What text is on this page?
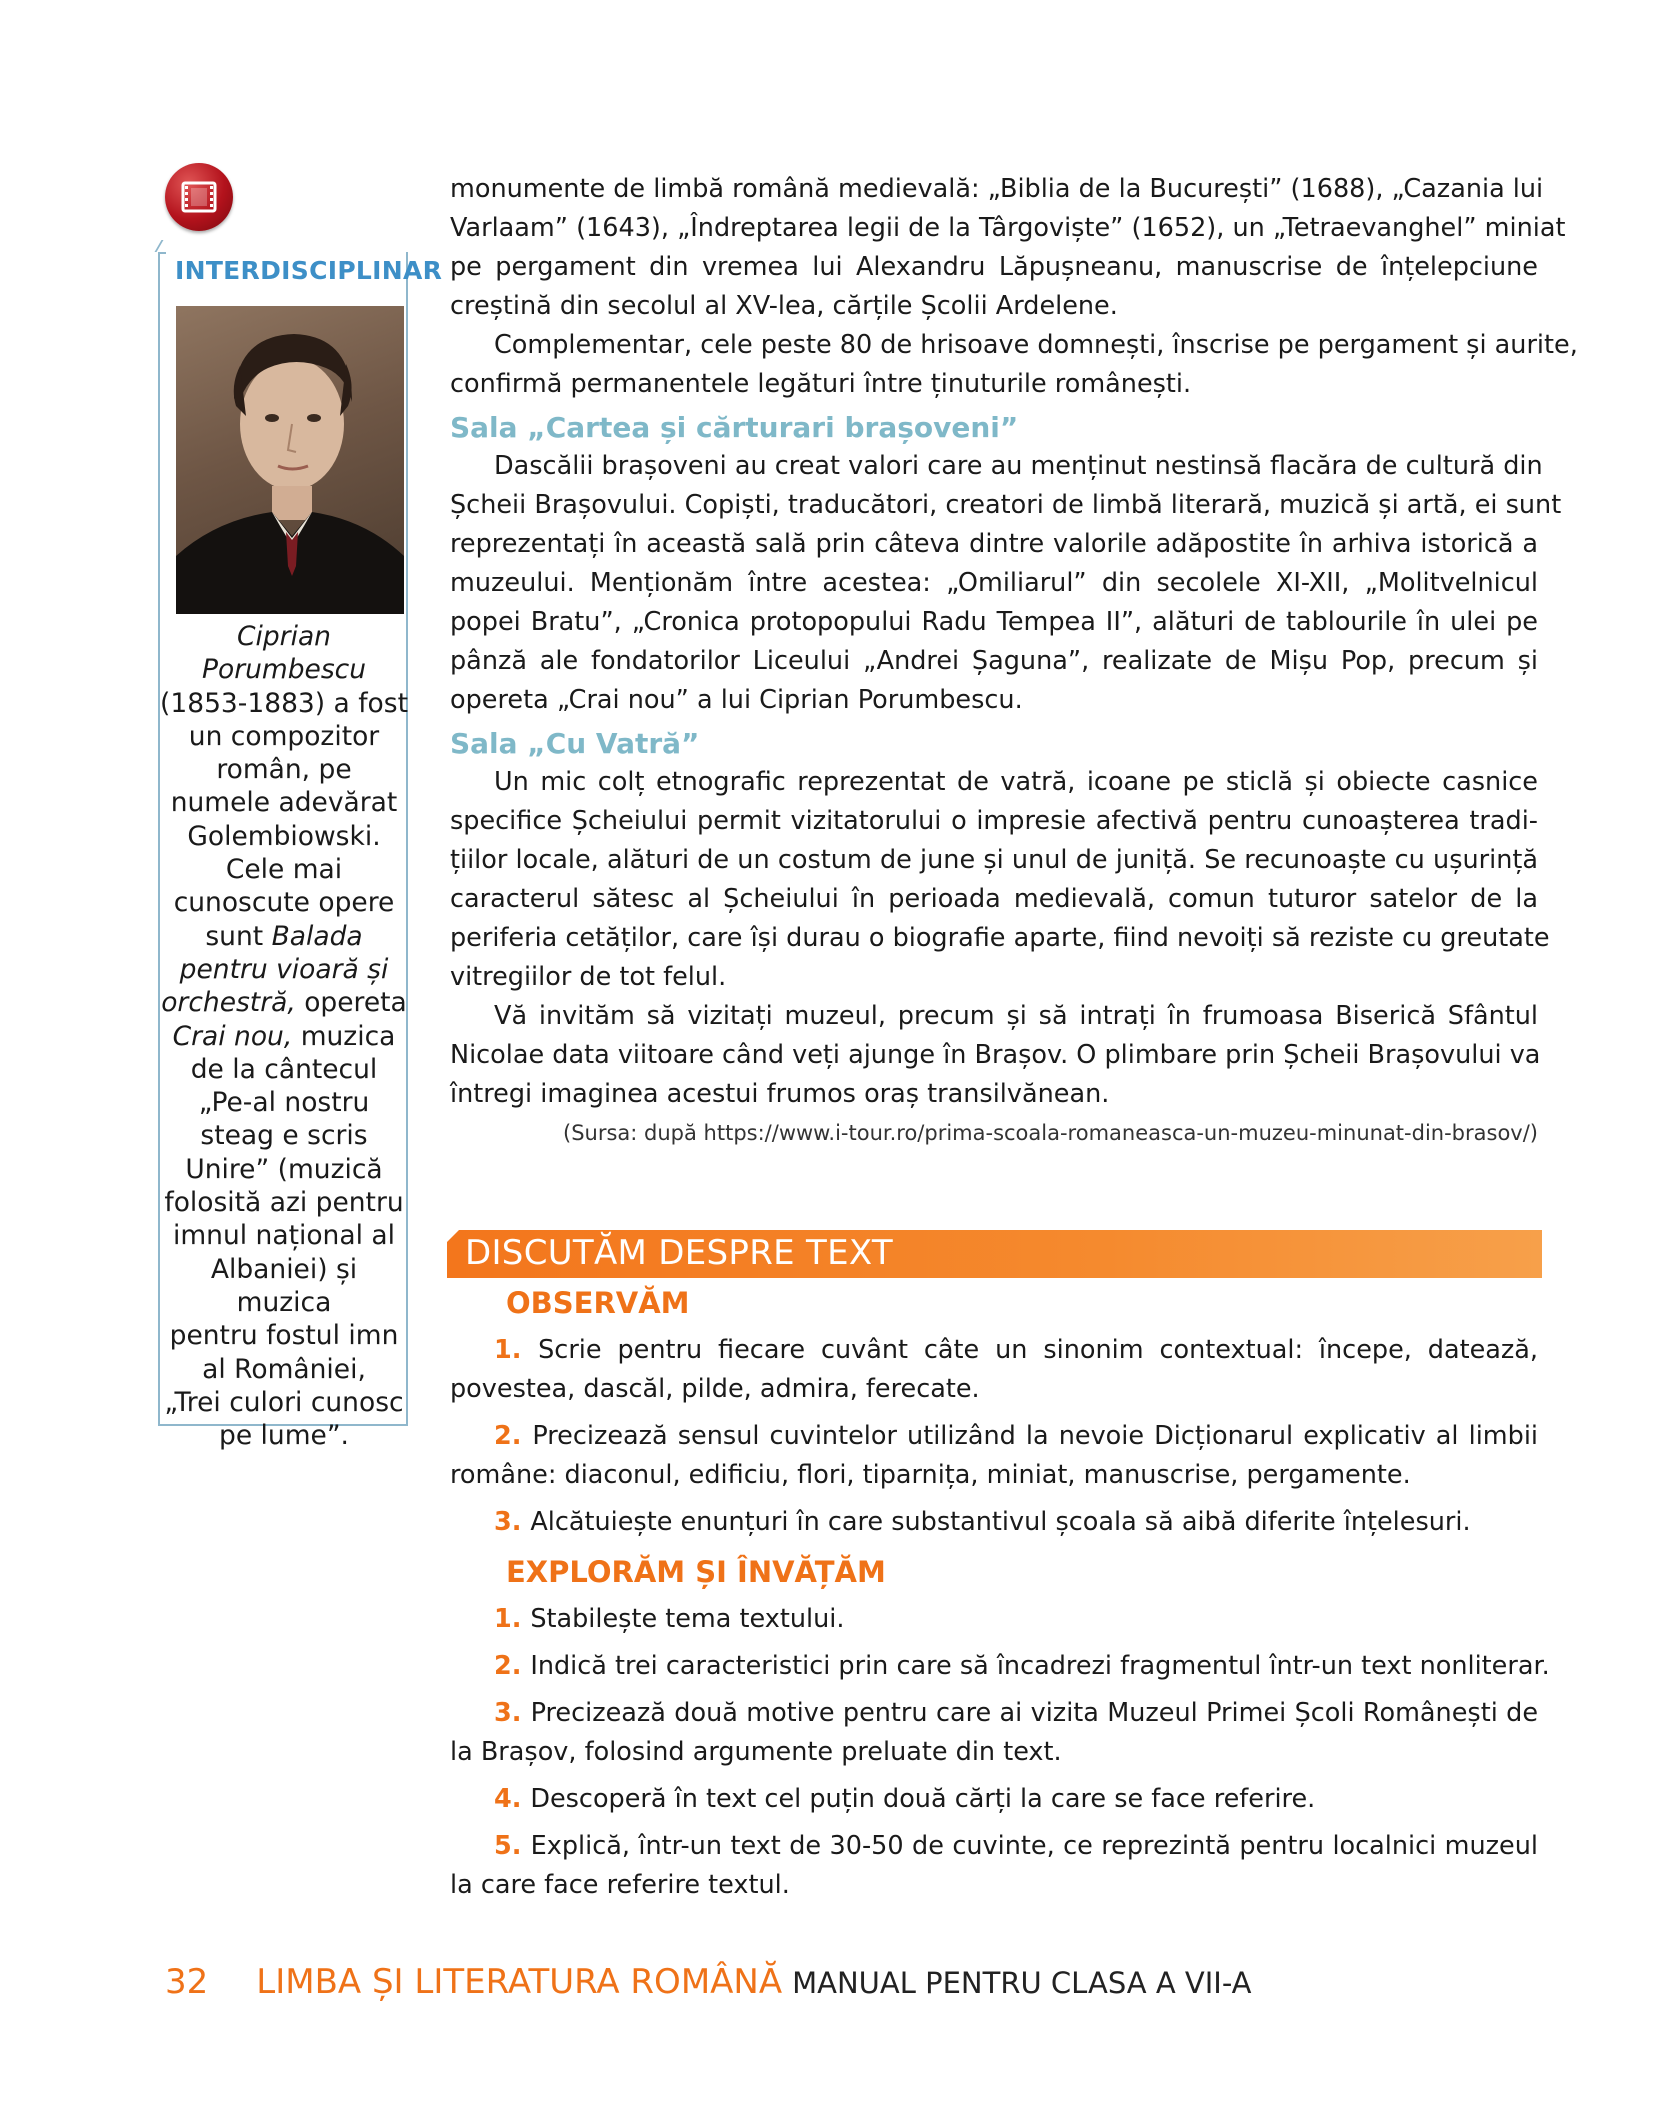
INTERDISCIPLINAR
Ciprian
Porumbescu
(1853-1883) a fost
un compozitor
român, pe
numele adevărat
Golembiowski.
Cele mai
cunoscute opere
sunt Balada
pentru vioară și
orchestră, opereta
Crai nou, muzica
de la cântecul
„Pe-al nostru
steag e scris
Unire” (muzică
folosită azi pentru
imnul național al
Albaniei) și muzica
pentru fostul imn
al României,
„Trei culori cunosc
pe lume”.
monumente de limbă română medievală: „Biblia de la București” (1688), „Cazania lui
Varlaam” (1643), „Îndreptarea legii de la Târgoviște” (1652), un „Tetraevanghel” miniat
pe pergament din vremea lui Alexandru Lăpușneanu, manuscrise de înțelepciune
creștină din secolul al XV-lea, cărțile Școlii Ardelene.
Complementar, cele peste 80 de hrisoave domnești, înscrise pe pergament și aurite,
confirmă permanentele legături între ținuturile românești.
Sala „Cartea și cărturari brașoveni”
Dascălii brașoveni au creat valori care au menținut nestinsă flacăra de cultură din
Șcheii Brașovului. Copiști, traducători, creatori de limbă literară, muzică și artă, ei sunt
reprezentați în această sală prin câteva dintre valorile adăpostite în arhiva istorică a
muzeului. Menționăm între acestea: „Omiliarul” din secolele XI-XII, „Molitvelnicul
popei Bratu”, „Cronica protopopului Radu Tempea II”, alături de tablourile în ulei pe
pânză ale fondatorilor Liceului „Andrei Șaguna”, realizate de Mișu Pop, precum și
opereta „Crai nou” a lui Ciprian Porumbescu.
Sala „Cu Vatră”
Un mic colț etnografic reprezentat de vatră, icoane pe sticlă și obiecte casnice
specifice Șcheiului permit vizitatorului o impresie afectivă pentru cunoașterea tradi-
țiilor locale, alături de un costum de june și unul de juniță. Se recunoaște cu ușurință
caracterul sătesc al Șcheiului în perioada medievală, comun tuturor satelor de la
periferia cetăților, care își durau o biografie aparte, fiind nevoiți să reziste cu greutate
vitregiilor de tot felul.
Vă invităm să vizitați muzeul, precum și să intrați în frumoasa Biserică Sfântul
Nicolae data viitoare când veți ajunge în Brașov. O plimbare prin Șcheii Brașovului va
întregi imaginea acestui frumos oraș transilvănean.
(Sursa: după https://www.i-tour.ro/prima-scoala-romaneasca-un-muzeu-minunat-din-brasov/)
DISCUTĂM DESPRE TEXT
OBSERVĂM
1. Scrie pentru fiecare cuvânt câte un sinonim contextual: începe, datează,
povestea, dascăl, pilde, admira, ferecate.
2. Precizează sensul cuvintelor utilizând la nevoie Dicționarul explicativ al limbii
române: diaconul, edificiu, flori, tiparnița, miniat, manuscrise, pergamente.
3. Alcătuiește enunțuri în care substantivul școala să aibă diferite înțelesuri.
EXPLORĂM ȘI ÎNVĂȚĂM
1. Stabilește tema textului.
2. Indică trei caracteristici prin care să încadrezi fragmentul într-un text nonliterar.
3. Precizează două motive pentru care ai vizita Muzeul Primei Școli Românești de
la Brașov, folosind argumente preluate din text.
4. Descoperă în text cel puțin două cărți la care se face referire.
5. Explică, într-un text de 30-50 de cuvinte, ce reprezintă pentru localnici muzeul
la care face referire textul.
32 LIMBA ȘI LITERATURA ROMÂNĂ MANUAL PENTRU CLASA A VII-A
